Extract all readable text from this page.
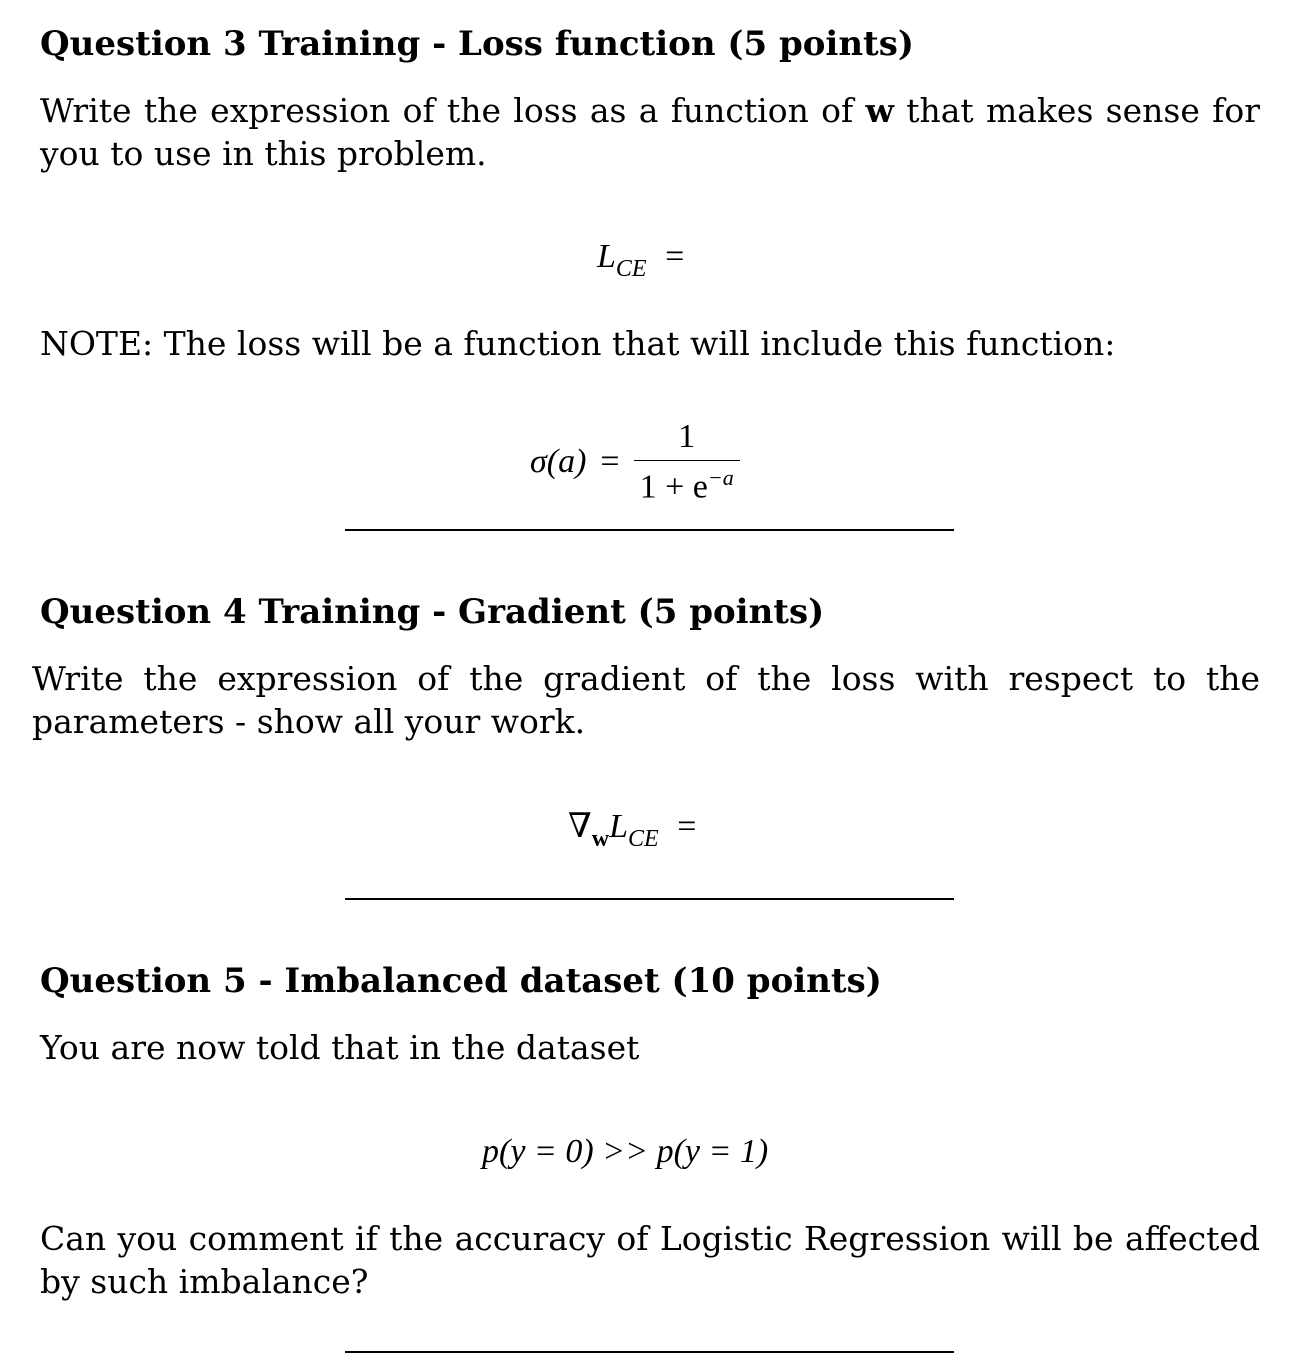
Question 3 Training - Loss function (5 points)
Write the expression of the loss as a function of w that makes sense for you to use in this problem.
$L_{CE}$ =
NOTE: The loss will be a function that will include this function:
$\sigma(a) = \frac{1}{1 + e^{-a}}$
Question 4 Training - Gradient (5 points)
Write the expression of the gradient of the loss with respect to the parameters - show all your work.
$\nabla_wL_{CE}$ =
Question 5 - Imbalanced dataset (10 points)
You are now told that in the dataset
p(y = 0) >> p(y = 1)
Can you comment if the accuracy of Logistic Regression will be affected by such imbalance?
